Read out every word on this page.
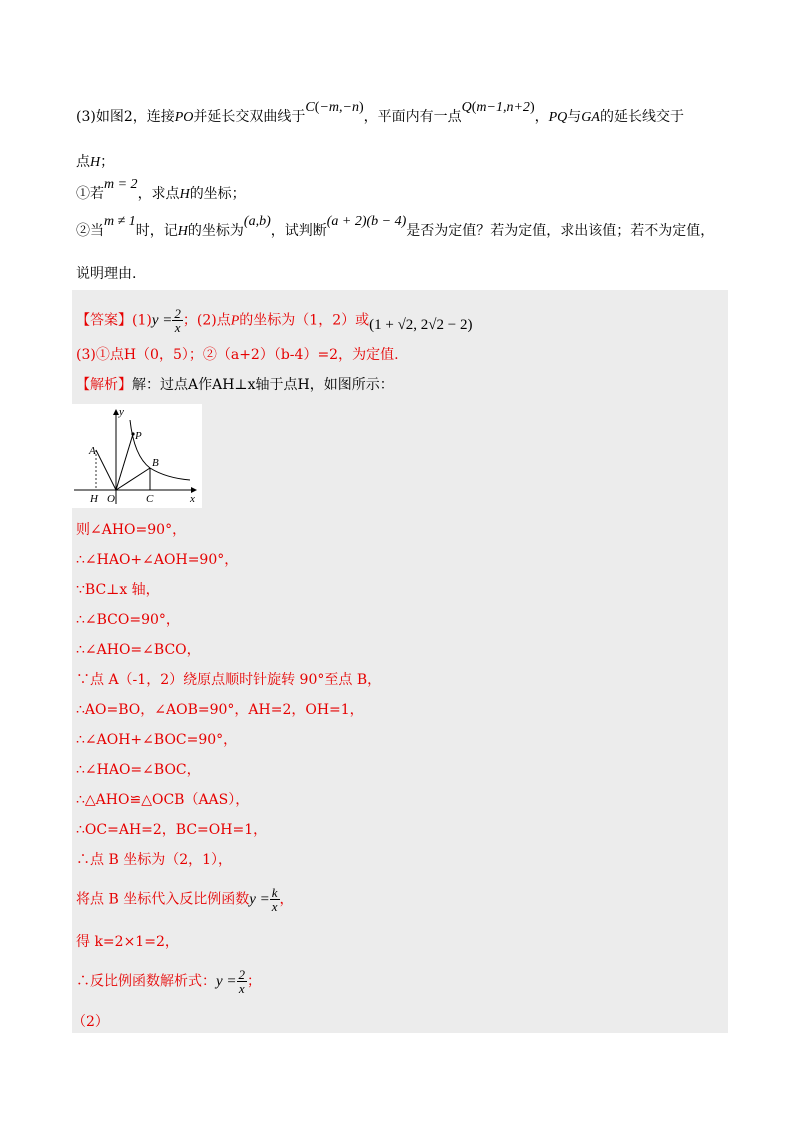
(3)如图2，连接PO并延长交双曲线于C(−m,−n)，平面内有一点Q(m−1,n+2)，PQ与GA的延长线交于
点H；
①若m = 2，求点H的坐标；
②当m ≠ 1时，记H的坐标为(a,b)，试判断(a + 2)(b − 4)是否为定值？若为定值，求出该值；若不为定值，
说明理由.
【答案】$(1)y = \frac{2}{x}$ ；(2)点P的坐标为（1，2）或(1 + √2, 2√2 − 2)
(3)①点H（0，5）；②（a+2）（b-4）=2，为定值.
【解析】解：过点A作AH⊥x轴于点H，如图所示：
y
x
A
P
B
H O	C
则∠AHO=90°，
∴∠HAO+∠AOH=90°，
∵BC⊥x 轴，
∴∠BCO=90°，
∴∠AHO=∠BCO，
∵点 A（-1，2）绕原点顺时针旋转 90°至点 B，
∴AO=BO，∠AOB=90°，AH=2，OH=1，
∴∠AOH+∠BOC=90°，
∴∠HAO=∠BOC，
∴△AHO≌△OCB（AAS），
∴OC=AH=2，BC=OH=1，
∴点 B 坐标为（2，1），
将点 B 坐标代入反比例函数$y = \frac{k}{x}$ ，
得 k=2×1=2，
∴反比例函数解析式：$y = \frac{2}{x}$ ；
（2）
